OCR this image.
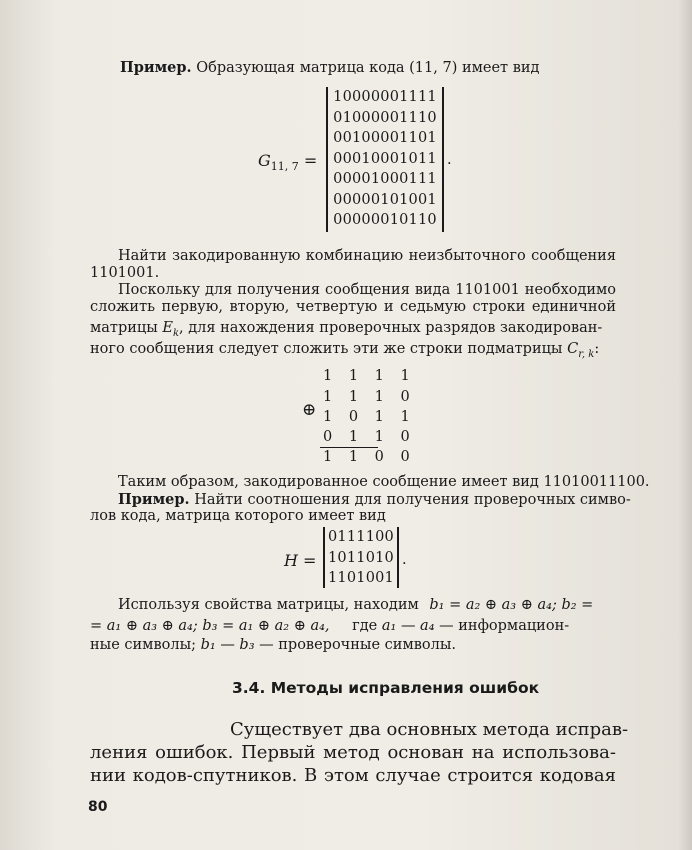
Пример. Образующая матрица кода (11, 7) имеет вид
$G_{11, 7}$ =
10000001111
01000001110
00100001101
00010001011
00001000111
00000101001
00000010110
.
Найти закодированную комбинацию неизбыточного сообщения
1101001.
Поскольку для получения сообщения вида 1101001 необходимо
сложить первую, вторую, четвертую и седьмую строки единичной
матрицы $E_k$, для нахождения проверочных разрядов закодирован-
ного сообщения следует сложить эти же строки подматрицы $C_{r, k}$:
1 1 1 1
1 1 1 0
⊕ 1 0 1 1
0 1 1 0
1 1 0 0
Таким образом, закодированное сообщение имеет вид 11010011100.
Пример. Найти соотношения для получения проверочных симво-
лов кода, матрица которого имеет вид
H =
0111100
1011010
1101001
.
Используя свойства матрицы, находим b₁ = a₂ ⊕ a₃ ⊕ a₄; b₂ =
= a₁ ⊕ a₃ ⊕ a₄; b₃ = a₁ ⊕ a₂ ⊕ a₄, где a₁ — a₄ — информацион-
ные символы; b₁ — b₃ — проверочные символы.
3.4. Методы исправления ошибок
Существует два основных метода исправ-
ления ошибок. Первый метод основан на использова-
нии кодов-спутников. В этом случае строится кодовая
80
